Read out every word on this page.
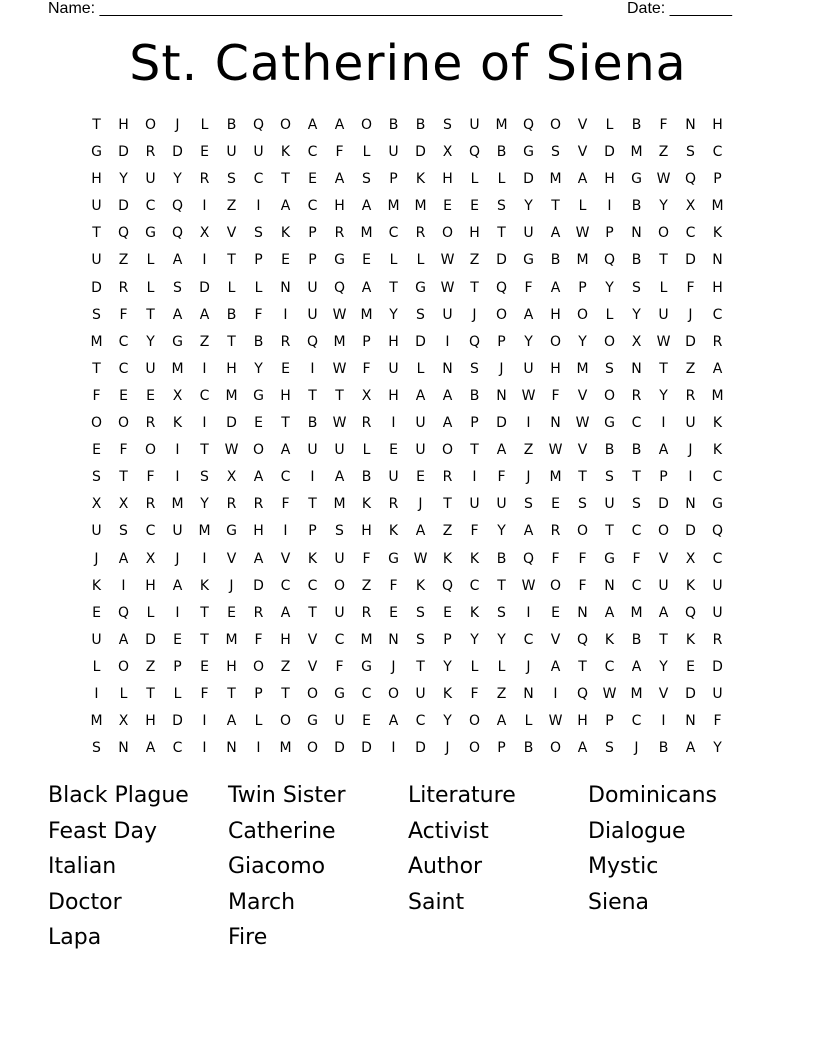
Name: ____________________________________________________	Date: _______
St. Catherine of Siena
T	H	O	J	L	B	Q	O	A	A	O	B	B	S	U	M	Q	O	V	L	B	F	N	H
G	D	R	D	E	U	U	K	C	F	L	U	D	X	Q	B	G	S	V	D	M	Z	S	C
H	Y	U	Y	R	S	C	T	E	A	S	P	K	H	L	L	D	M	A	H	G	W	Q	P
U	D	C	Q	I	Z	I	A	C	H	A	M	M	E	E	S	Y	T	L	I	B	Y	X	M
T	Q	G	Q	X	V	S	K	P	R	M	C	R	O	H	T	U	A	W	P	N	O	C	K
U	Z	L	A	I	T	P	E	P	G	E	L	L	W	Z	D	G	B	M	Q	B	T	D	N
D	R	L	S	D	L	L	N	U	Q	A	T	G	W	T	Q	F	A	P	Y	S	L	F	H
S	F	T	A	A	B	F	I	U	W	M	Y	S	U	J	O	A	H	O	L	Y	U	J	C
M	C	Y	G	Z	T	B	R	Q	M	P	H	D	I	Q	P	Y	O	Y	O	X	W	D	R
T	C	U	M	I	H	Y	E	I	W	F	U	L	N	S	J	U	H	M	S	N	T	Z	A
F	E	E	X	C	M	G	H	T	T	X	H	A	A	B	N	W	F	V	O	R	Y	R	M
O	O	R	K	I	D	E	T	B	W	R	I	U	A	P	D	I	N	W	G	C	I	U	K
E	F	O	I	T	W	O	A	U	U	L	E	U	O	T	A	Z	W	V	B	B	A	J	K
S	T	F	I	S	X	A	C	I	A	B	U	E	R	I	F	J	M	T	S	T	P	I	C
X	X	R	M	Y	R	R	F	T	M	K	R	J	T	U	U	S	E	S	U	S	D	N	G
U	S	C	U	M	G	H	I	P	S	H	K	A	Z	F	Y	A	R	O	T	C	O	D	Q
J	A	X	J	I	V	A	V	K	U	F	G	W	K	K	B	Q	F	F	G	F	V	X	C
K	I	H	A	K	J	D	C	C	O	Z	F	K	Q	C	T	W	O	F	N	C	U	K	U
E	Q	L	I	T	E	R	A	T	U	R	E	S	E	K	S	I	E	N	A	M	A	Q	U
U	A	D	E	T	M	F	H	V	C	M	N	S	P	Y	Y	C	V	Q	K	B	T	K	R
L	O	Z	P	E	H	O	Z	V	F	G	J	T	Y	L	L	J	A	T	C	A	Y	E	D
I	L	T	L	F	T	P	T	O	G	C	O	U	K	F	Z	N	I	Q	W	M	V	D	U
M	X	H	D	I	A	L	O	G	U	E	A	C	Y	O	A	L	W	H	P	C	I	N	F
S	N	A	C	I	N	I	M	O	D	D	I	D	J	O	P	B	O	A	S	J	B	A	Y
Black Plague	Twin Sister	Literature	Dominicans
Feast Day	Catherine	Activist	Dialogue
Italian	Giacomo	Author	Mystic
Doctor	March	Saint	Siena
Lapa	Fire
